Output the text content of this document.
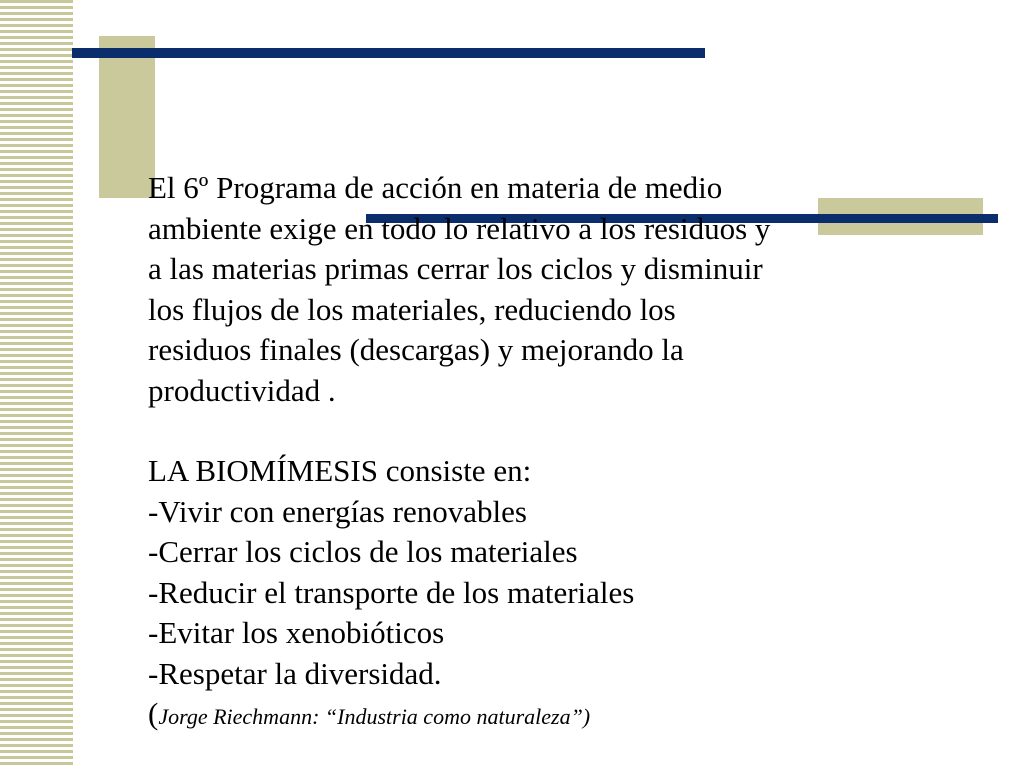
El 6º Programa de acción en materia de medio
ambiente exige en todo lo relativo a los residuos y
a las materias primas cerrar los ciclos y disminuir
los flujos de los materiales, reduciendo los
residuos finales (descargas) y mejorando la
productividad .

LA BIOMÍMESIS consiste en:
-Vivir con energías renovables
-Cerrar los ciclos de los materiales
-Reducir el transporte de los materiales
-Evitar los xenobióticos
-Respetar la diversidad.
(Jorge Riechmann: “Industria como naturaleza”)
